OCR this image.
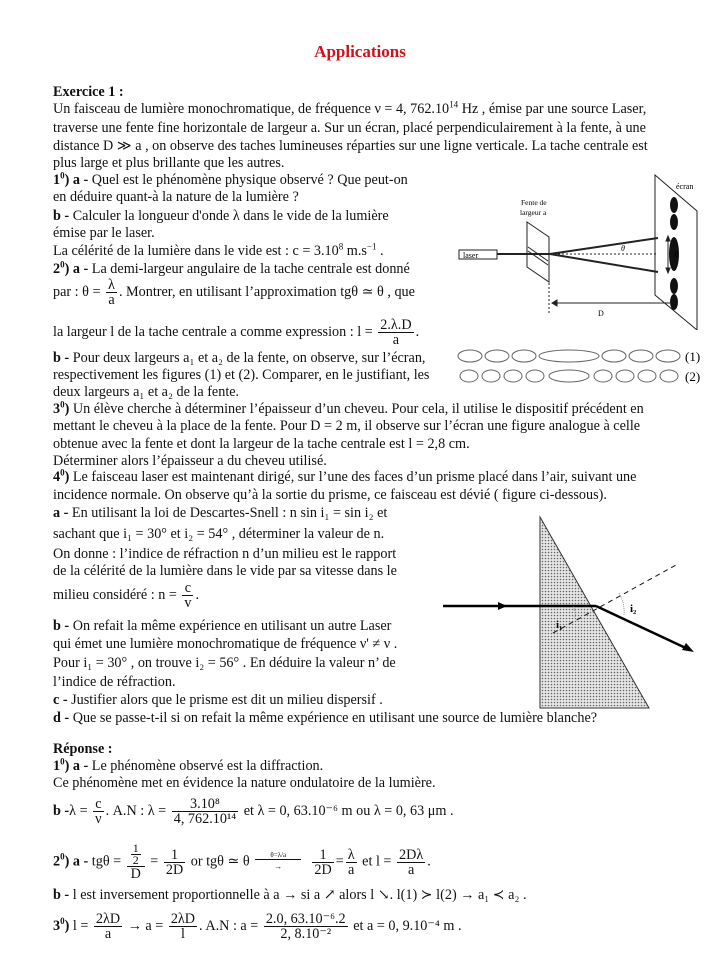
Applications
Exercice 1 :
Un faisceau de lumière monochromatique, de fréquence ν = 4, 762.10$^{14}$ Hz , émise par une source Laser,
traverse une fente fine horizontale de largeur a. Sur un écran, placé perpendiculairement à la fente, à une
distance D ≫ a , on observe des taches lumineuses réparties sur une ligne verticale. La tache centrale est
plus large et plus brillante que les autres.
$1^0$) a - Quel est le phénomène physique observé ? Que peut-on
en déduire quant-à la nature de la lumière ?
b - Calculer la longueur d'onde λ dans le vide de la lumière
émise par le laser.
La célérité de la lumière dans le vide est : $c = 3.10^8$ $m.s^{-1}$ .
$2^0$) a - La demi-largeur angulaire de la tache centrale est donné
par : $\theta = \frac{\lambda}{a}$ . Montrer, en utilisant l’approximation tgθ ≃ θ , que
la largeur l de la tache centrale a comme expression : $l = \frac{2.\lambda.D}{a}$ .
b - Pour deux largeurs a₁ et a₂ de la fente, on observe, sur l’écran,
respectivement les figures (1) et (2). Comparer, en le justifiant, les
deux largeurs a₁ et a₂ de la fente.
$3^0$) Un élève cherche à déterminer l’épaisseur d’un cheveu. Pour cela, il utilise le dispositif précédent en
mettant le cheveu à la place de la fente. Pour D = 2 m, il observe sur l’écran une figure analogue à celle
obtenue avec la fente et dont la largeur de la tache centrale est l = 2,8 cm.
Déterminer alors l’épaisseur a du cheveu utilisé.
$4^0$) Le faisceau laser est maintenant dirigé, sur l’une des faces d’un prisme placé dans l’air, suivant une
incidence normale. On observe qu’à la sortie du prisme, ce faisceau est dévié ( figure ci-dessous).
a - En utilisant la loi de Descartes-Snell : n sin i₁ = sin i₂ et
sachant que i₁ = 30° et i₂ = 54° , déterminer la valeur de n.
On donne : l’indice de réfraction n d’un milieu est le rapport
de la célérité de la lumière dans le vide par sa vitesse dans le
milieu considéré : $n = \frac{c}{v}$ .
b - On refait la même expérience en utilisant un autre Laser
qui émet une lumière monochromatique de fréquence ν' ≠ ν .
Pour i₁ = 30° , on trouve i₂ = 56° . En déduire la valeur n’ de
l’indice de réfraction.
c - Justifier alors que le prisme est dit un milieu dispersif .
d - Que se passe-t-il si on refait la même expérience en utilisant une source de lumière blanche?
Réponse :
$1^0$) a - Le phénomène observé est la diffraction.
Ce phénomène met en évidence la nature ondulatoire de la lumière.
b $-\lambda = \frac{c}{\nu}$ . A.N : $\lambda = \frac{\text{3.10⁸}}{\text{4, 762.10¹⁴}}$ et λ = 0, 63.10⁻⁶ m ou λ = 0, 63 μm .
$2^0$) $a - tg\theta = \frac{\frac{1}{2}}{D} = \frac{1}{2D}$ or tgθ ≃ θ $\frac{\theta=\lambda/a}{\to}$
$\frac{1}{2D} = \frac{\lambda}{a}$ et $l = \frac{2D\lambda}{a}$ .
b - l est inversement proportionnelle à a → si a ↗ alors l ↘. l(1) ≻ l(2) → a₁ ≺ a₂ .
$3^0$) $l = \frac{2\lambda D}{a} \to a = \frac{2\lambda D}{l}$ . A.N : $a = \frac{\text{2.0, 63.10⁻⁶.2}}{\text{2, 8.10⁻²}}$ et a = 0, 9.10⁻⁴ m .
laser
Fente de
largeur a
écran
θ
ℓ
D
(1)
(2)
i₁
i₂
